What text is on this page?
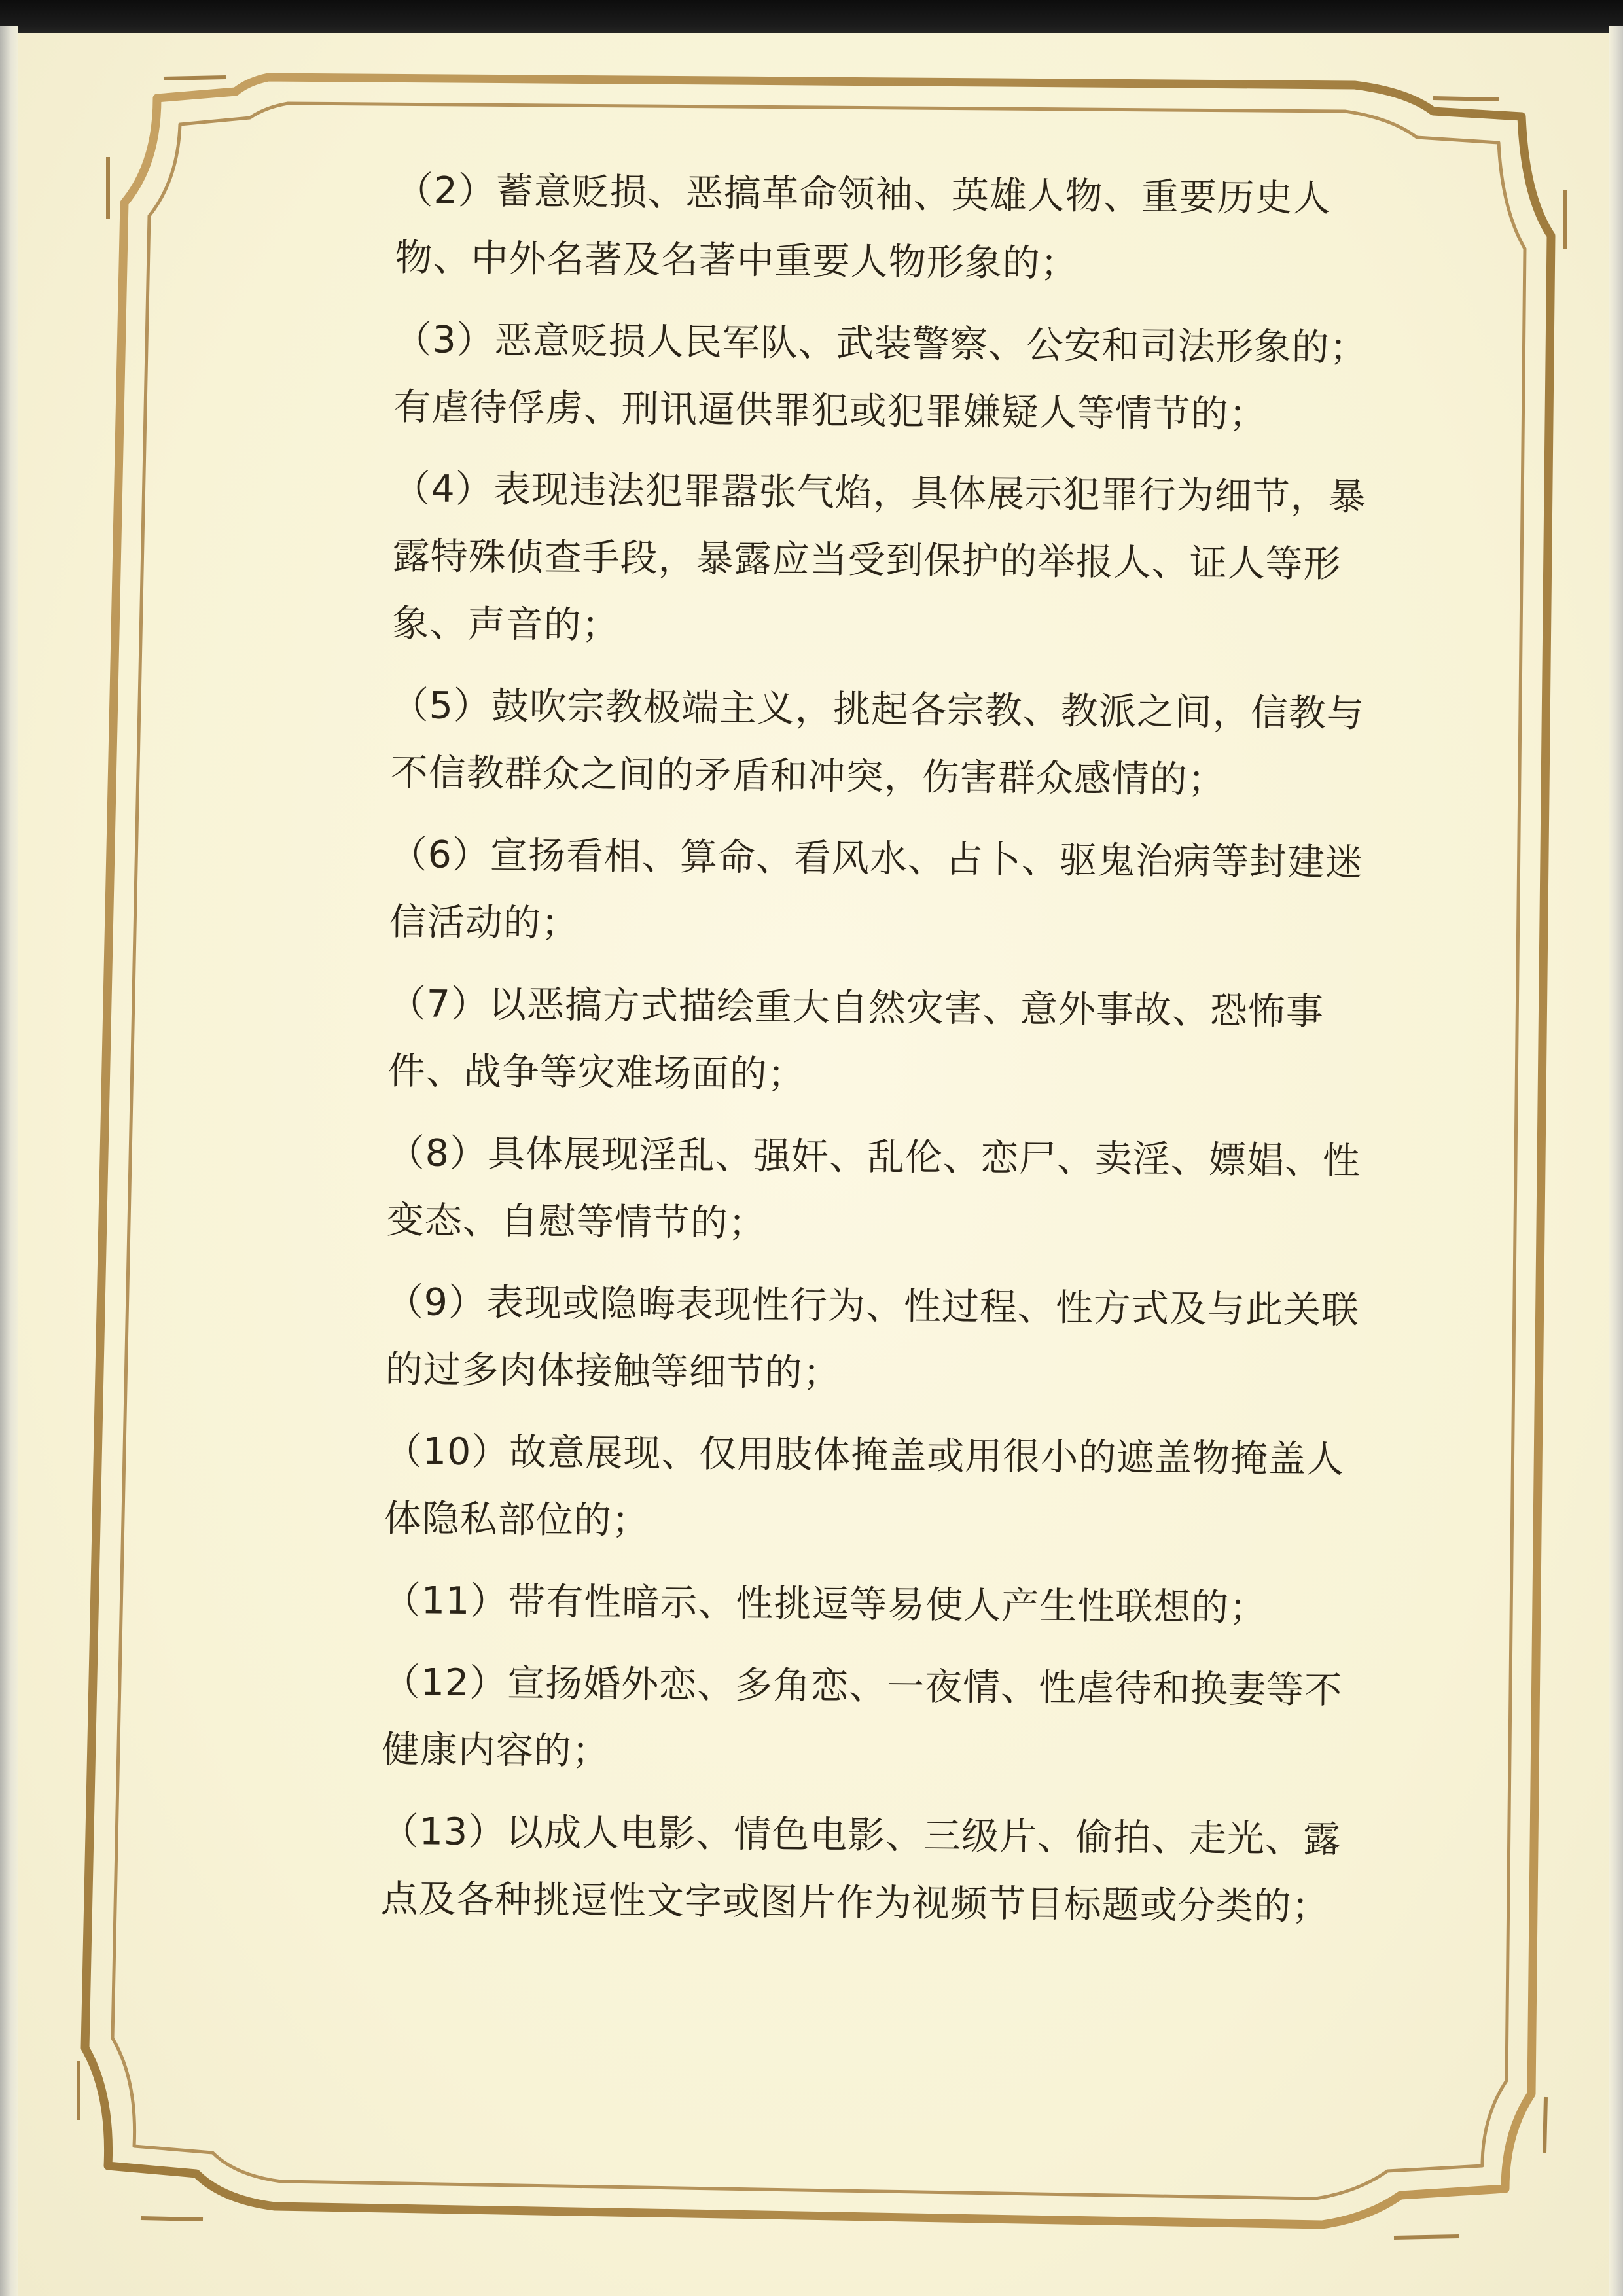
（2）蓄意贬损、恶搞革命领袖、英雄人物、重要历史人物、中外名著及名著中重要人物形象的；

（3）恶意贬损人民军队、武装警察、公安和司法形象的；有虐待俘虏、刑讯逼供罪犯或犯罪嫌疑人等情节的；

（4）表现违法犯罪嚣张气焰，具体展示犯罪行为细节，暴露特殊侦查手段，暴露应当受到保护的举报人、证人等形象、声音的；

（5）鼓吹宗教极端主义，挑起各宗教、教派之间，信教与不信教群众之间的矛盾和冲突，伤害群众感情的；

（6）宣扬看相、算命、看风水、占卜、驱鬼治病等封建迷信活动的；

（7）以恶搞方式描绘重大自然灾害、意外事故、恐怖事件、战争等灾难场面的；

（8）具体展现淫乱、强奸、乱伦、恋尸、卖淫、嫖娼、性变态、自慰等情节的；

（9）表现或隐晦表现性行为、性过程、性方式及与此关联的过多肉体接触等细节的；

（10）故意展现、仅用肢体掩盖或用很小的遮盖物掩盖人体隐私部位的；

（11）带有性暗示、性挑逗等易使人产生性联想的；

（12）宣扬婚外恋、多角恋、一夜情、性虐待和换妻等不健康内容的；

（13）以成人电影、情色电影、三级片、偷拍、走光、露点及各种挑逗性文字或图片作为视频节目标题或分类的；
